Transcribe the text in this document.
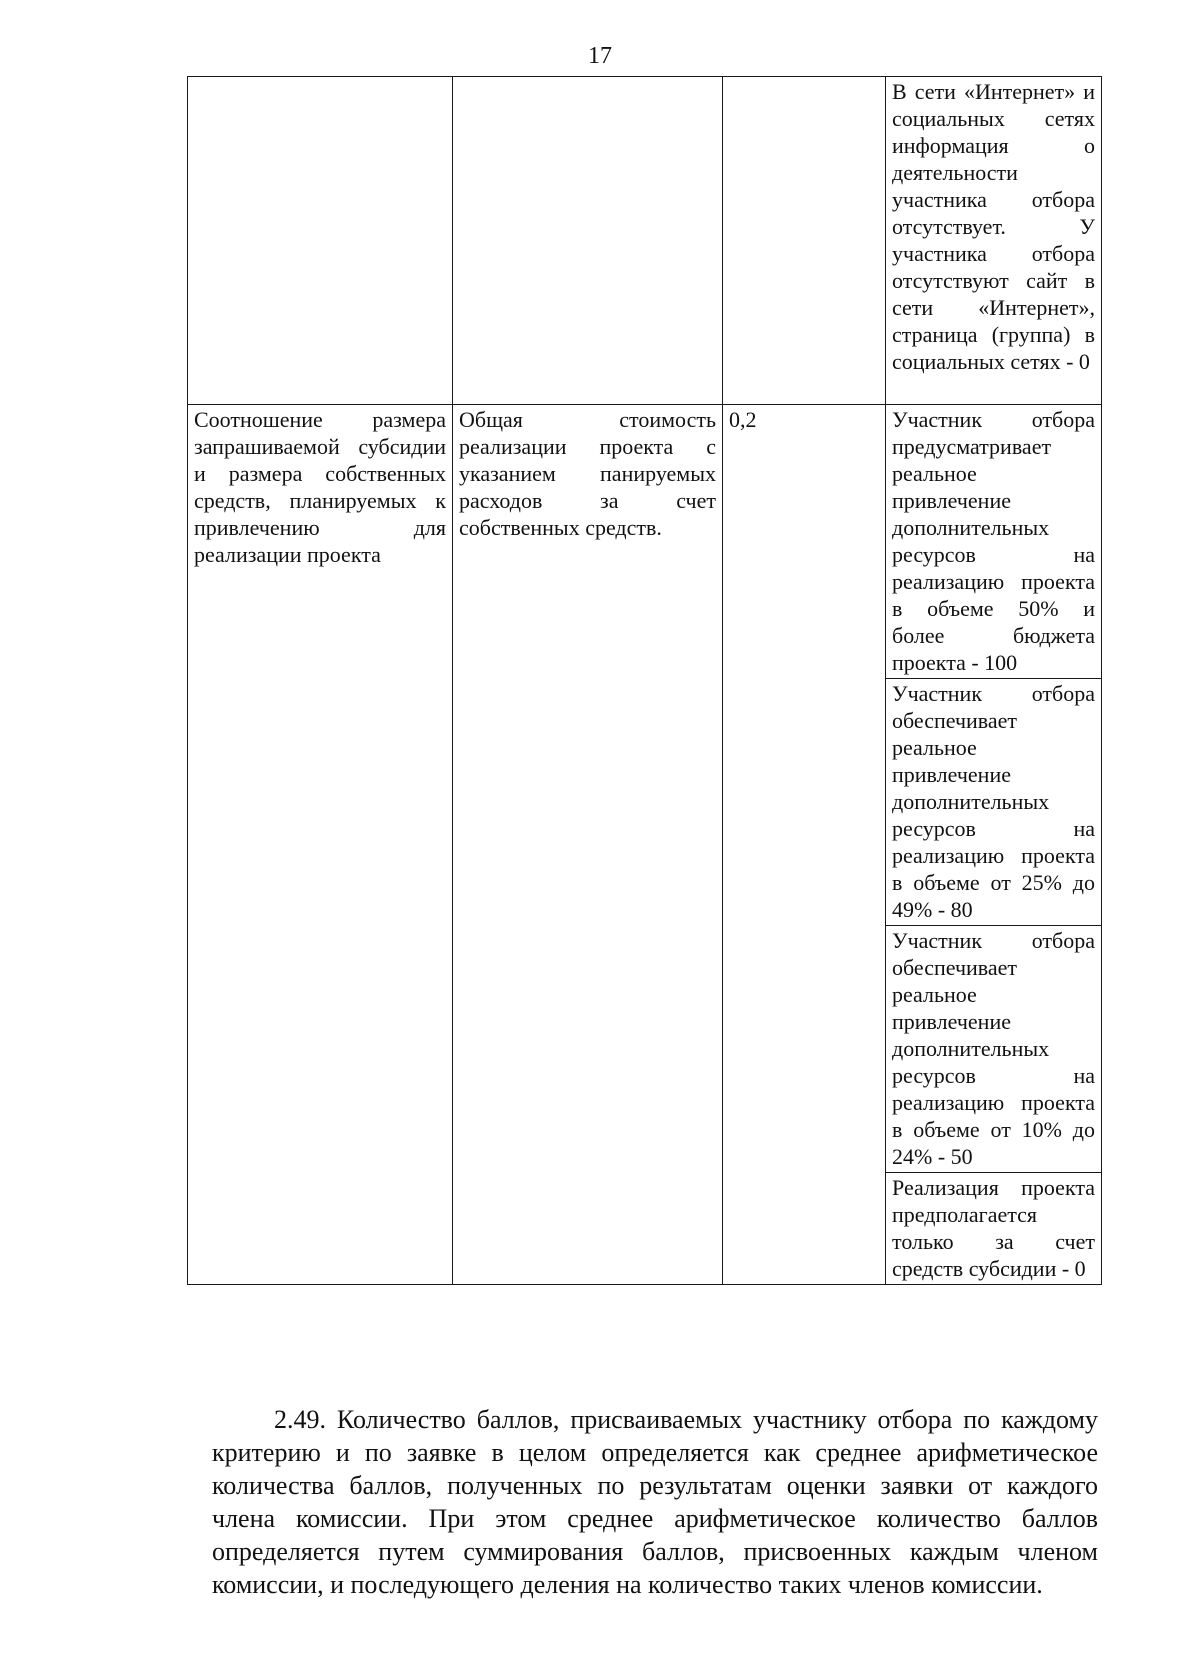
17
			В сети «Интернет» и социальных сетях информация о деятельности участника отбора отсутствует. У участника отбора отсутствуют сайт в сети «Интернет», страница (группа) в социальных сетях - 0
Соотношение размера запрашиваемой субсидии и размера собственных средств, планируемых к привлечению для реализации проекта	Общая стоимость реализации проекта с указанием панируемых расходов за счет собственных средств.	0,2	Участник отбора предусматривает реальное привлечение дополнительных ресурсов на реализацию проекта в объеме 50% и более бюджета проекта - 100
			Участник отбора обеспечивает реальное привлечение дополнительных ресурсов на реализацию проекта в объеме от 25% до 49% - 80
			Участник отбора обеспечивает реальное привлечение дополнительных ресурсов на реализацию проекта в объеме от 10% до 24% - 50
			Реализация проекта предполагается только за счет средств субсидии - 0

2.49. Количество баллов, присваиваемых участнику отбора по каждому критерию и по заявке в целом определяется как среднее арифметическое количества баллов, полученных по результатам оценки заявки от каждого члена комиссии. При этом среднее арифметическое количество баллов определяется путем суммирования баллов, присвоенных каждым членом комиссии, и последующего деления на количество таких членов комиссии.
